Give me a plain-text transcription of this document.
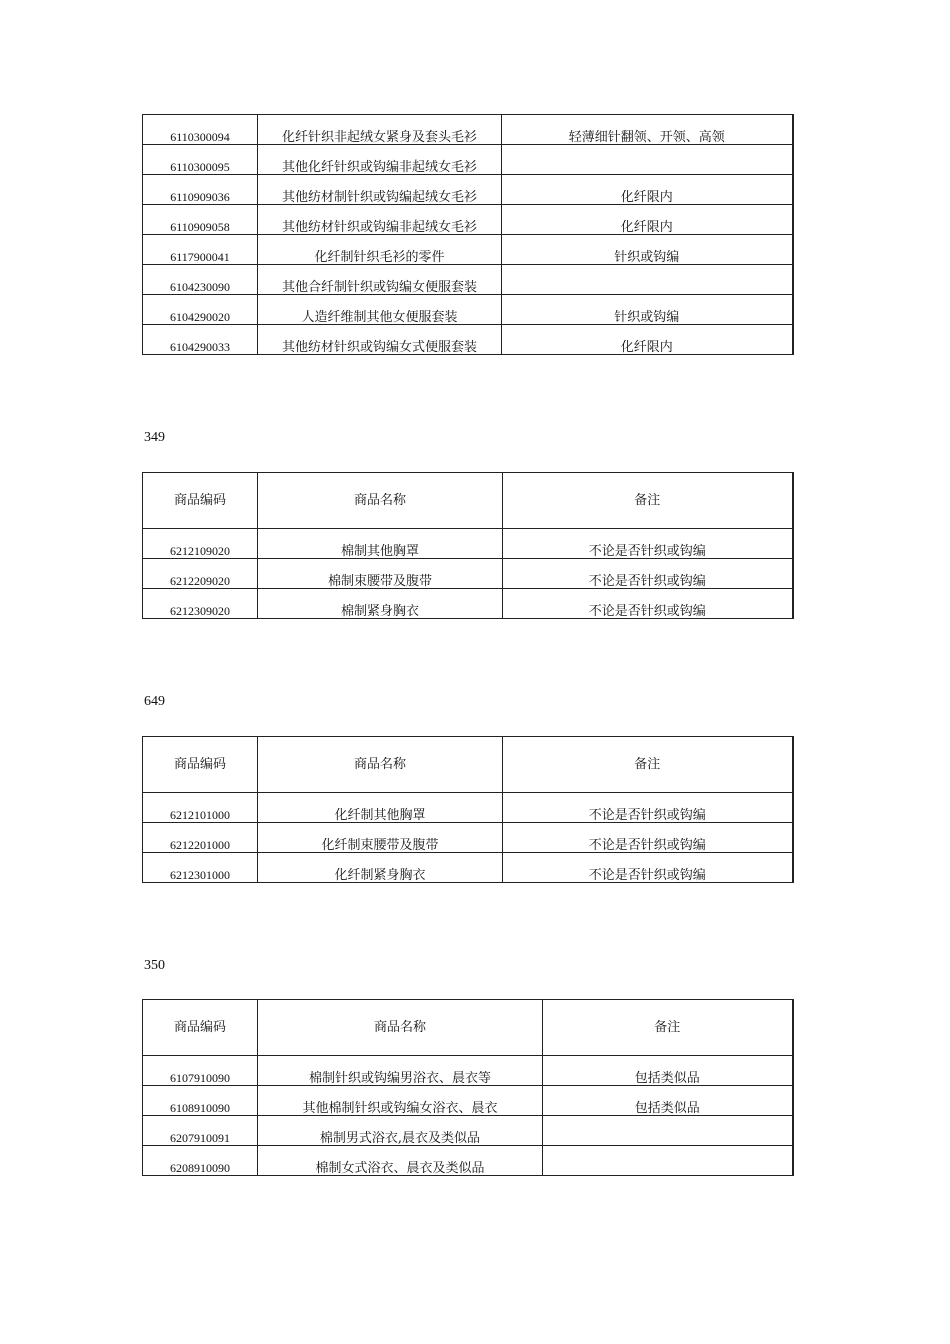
6110300094	化纤针织非起绒女紧身及套头毛衫	轻薄细针翻领、开领、高领
6110300095	其他化纤针织或钩编非起绒女毛衫	
6110909036	其他纺材制针织或钩编起绒女毛衫	化纤限内
6110909058	其他纺材针织或钩编非起绒女毛衫	化纤限内
6117900041	化纤制针织毛衫的零件	针织或钩编
6104230090	其他合纤制针织或钩编女便服套装	
6104290020	人造纤维制其他女便服套装	针织或钩编
6104290033	其他纺材针织或钩编女式便服套装	化纤限内
349
商品编码	商品名称	备注
6212109020	棉制其他胸罩	不论是否针织或钩编
6212209020	棉制束腰带及腹带	不论是否针织或钩编
6212309020	棉制紧身胸衣	不论是否针织或钩编
649
商品编码	商品名称	备注
6212101000	化纤制其他胸罩	不论是否针织或钩编
6212201000	化纤制束腰带及腹带	不论是否针织或钩编
6212301000	化纤制紧身胸衣	不论是否针织或钩编
350
商品编码	商品名称	备注
6107910090	棉制针织或钩编男浴衣、晨衣等	包括类似品
6108910090	其他棉制针织或钩编女浴衣、晨衣	包括类似品
6207910091	棉制男式浴衣,晨衣及类似品	
6208910090	棉制女式浴衣、晨衣及类似品	
